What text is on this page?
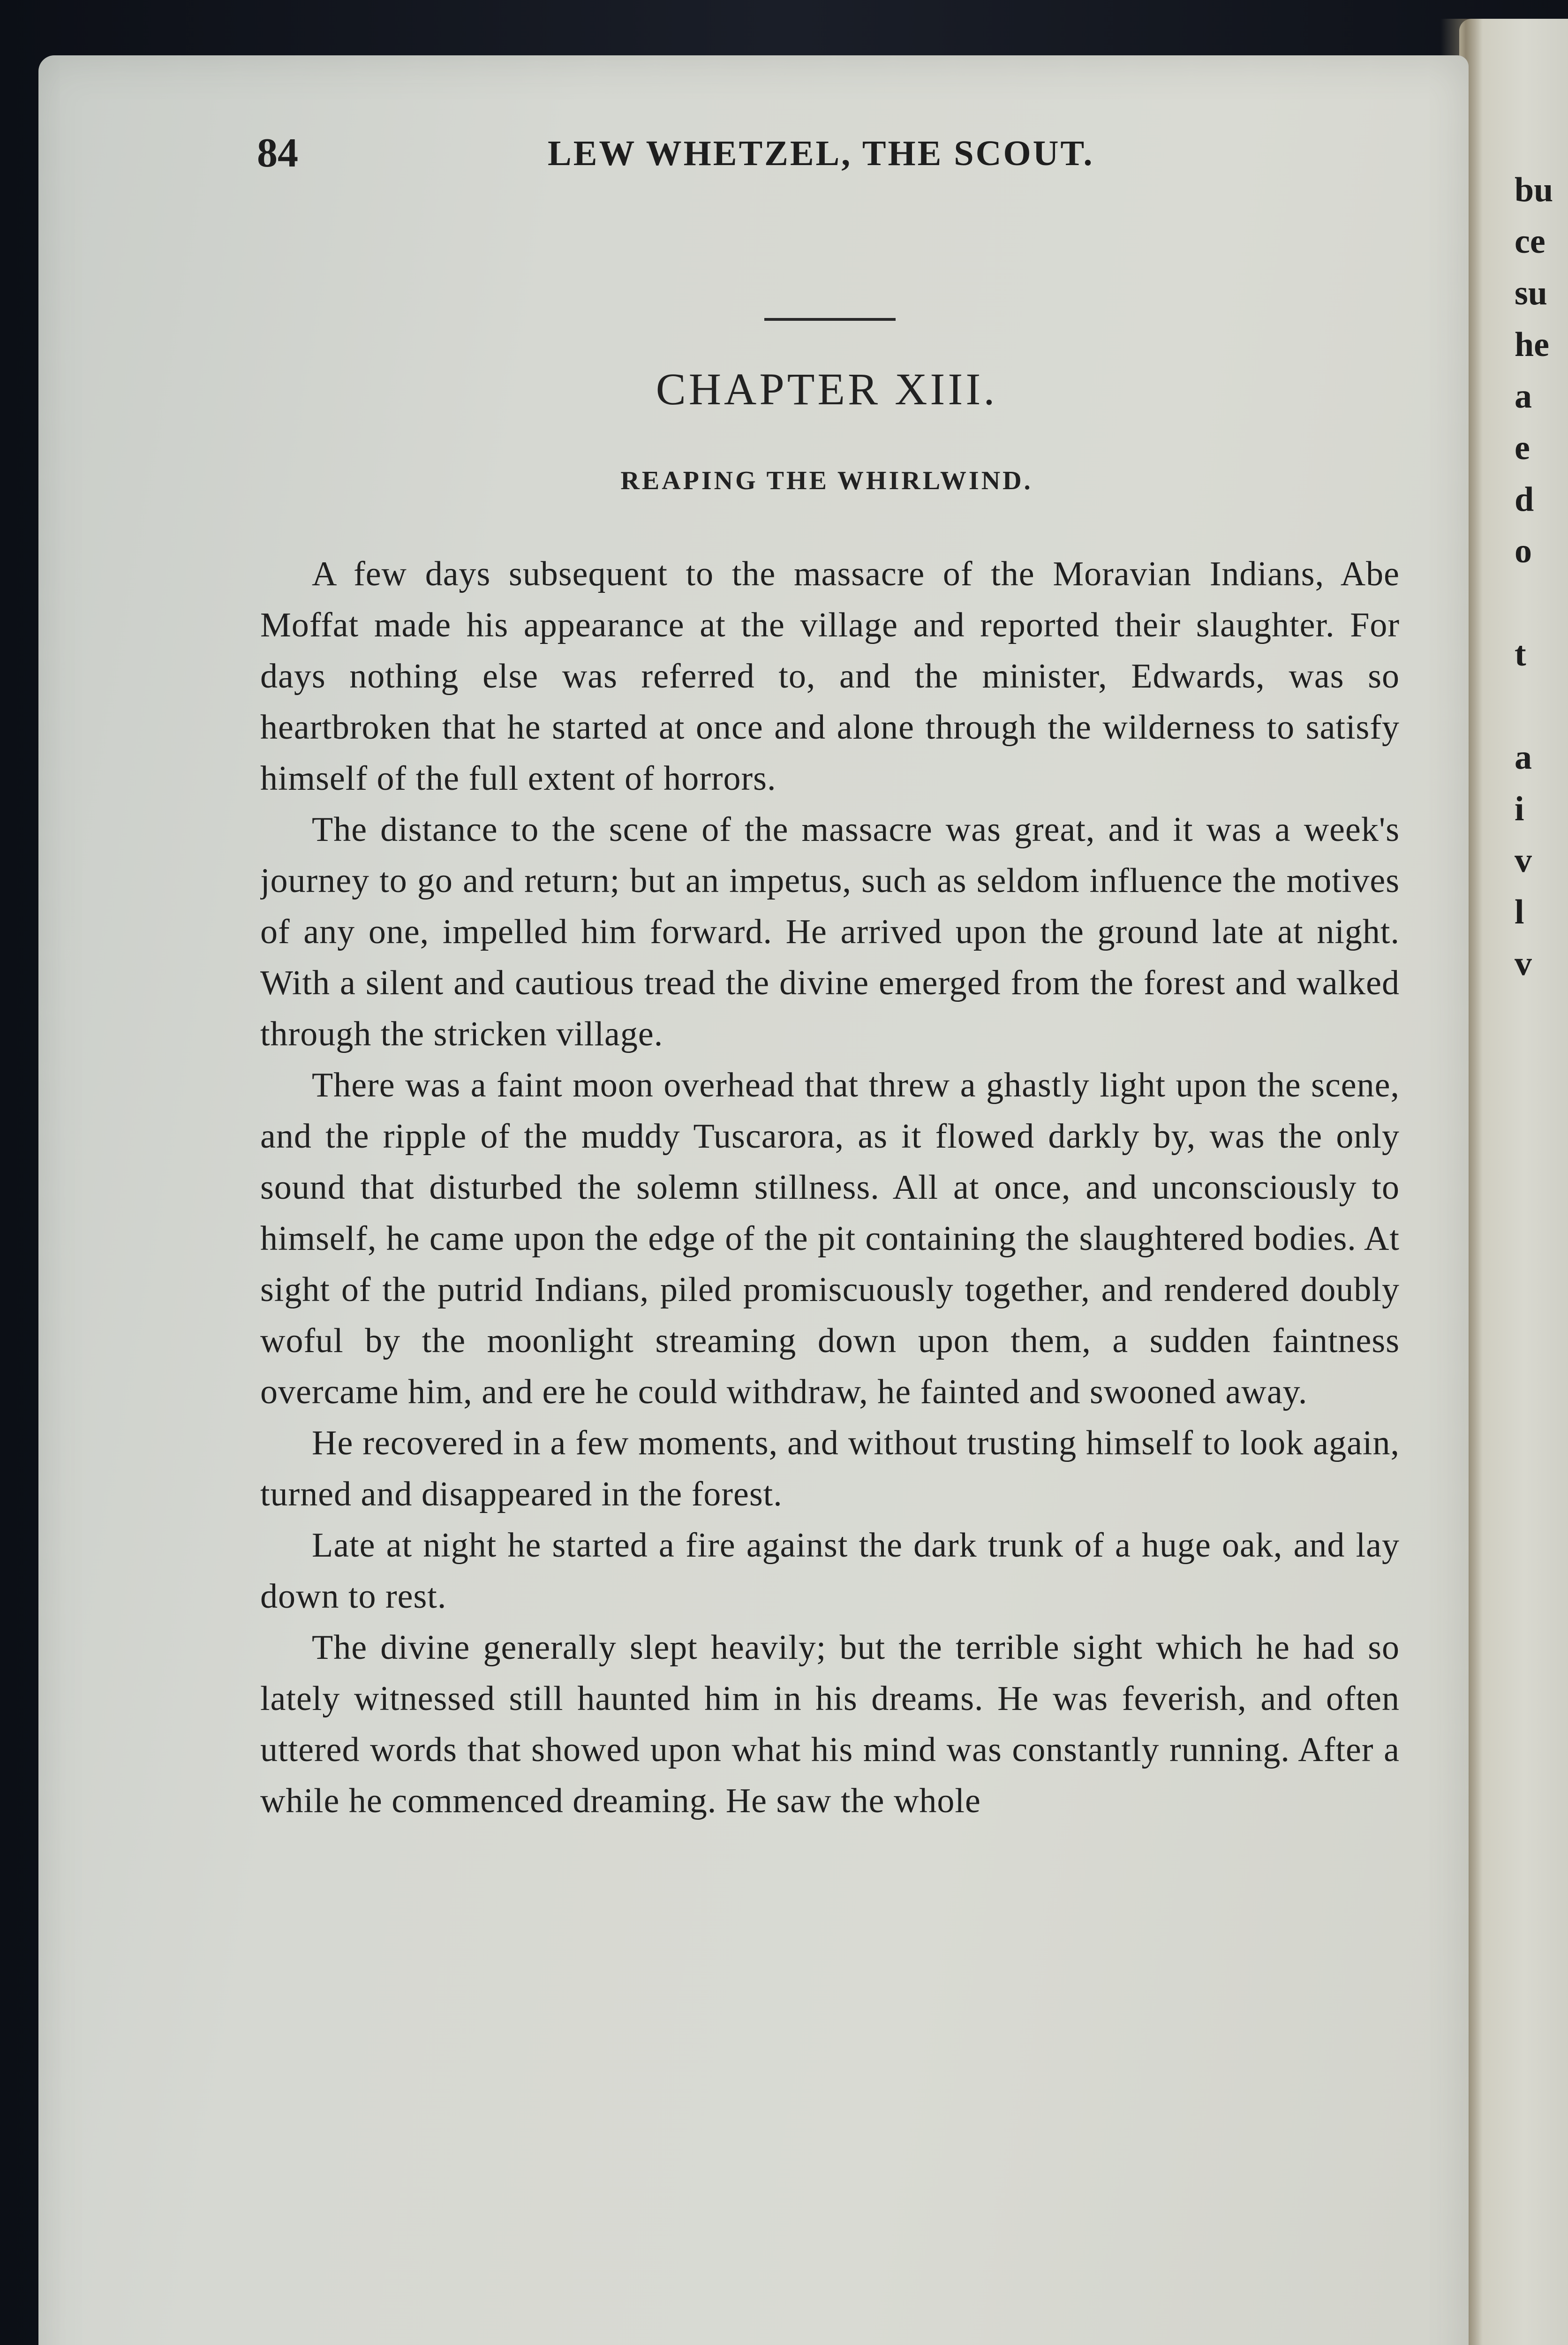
84	LEW WHETZEL, THE SCOUT.
CHAPTER XIII.
REAPING THE WHIRLWIND.

A few days subsequent to the massacre of the Moravian Indians, Abe Moffat made his appearance at the village and reported their slaughter. For days nothing else was referred to, and the minister, Edwards, was so heartbroken that he started at once and alone through the wilderness to satisfy himself of the full extent of horrors.

The distance to the scene of the massacre was great, and it was a week's journey to go and return; but an impetus, such as seldom influence the motives of any one, impelled him forward. He arrived upon the ground late at night. With a silent and cautious tread the divine emerged from the forest and walked through the stricken village.

There was a faint moon overhead that threw a ghastly light upon the scene, and the ripple of the muddy Tuscarora, as it flowed darkly by, was the only sound that disturbed the solemn stillness. All at once, and unconsciously to himself, he came upon the edge of the pit containing the slaughtered bodies. At sight of the putrid Indians, piled promiscuously together, and rendered doubly woful by the moonlight streaming down upon them, a sudden faintness overcame him, and ere he could withdraw, he fainted and swooned away.

He recovered in a few moments, and without trusting himself to look again, turned and disappeared in the forest.

Late at night he started a fire against the dark trunk of a huge oak, and lay down to rest.

The divine generally slept heavily; but the terrible sight which he had so lately witnessed still haunted him in his dreams. He was feverish, and often uttered words that showed upon what his mind was constantly running. After a while he commenced dreaming. He saw the whole

bu
ce
su
he
a
e
d
o
t
a
i
v
l
v
